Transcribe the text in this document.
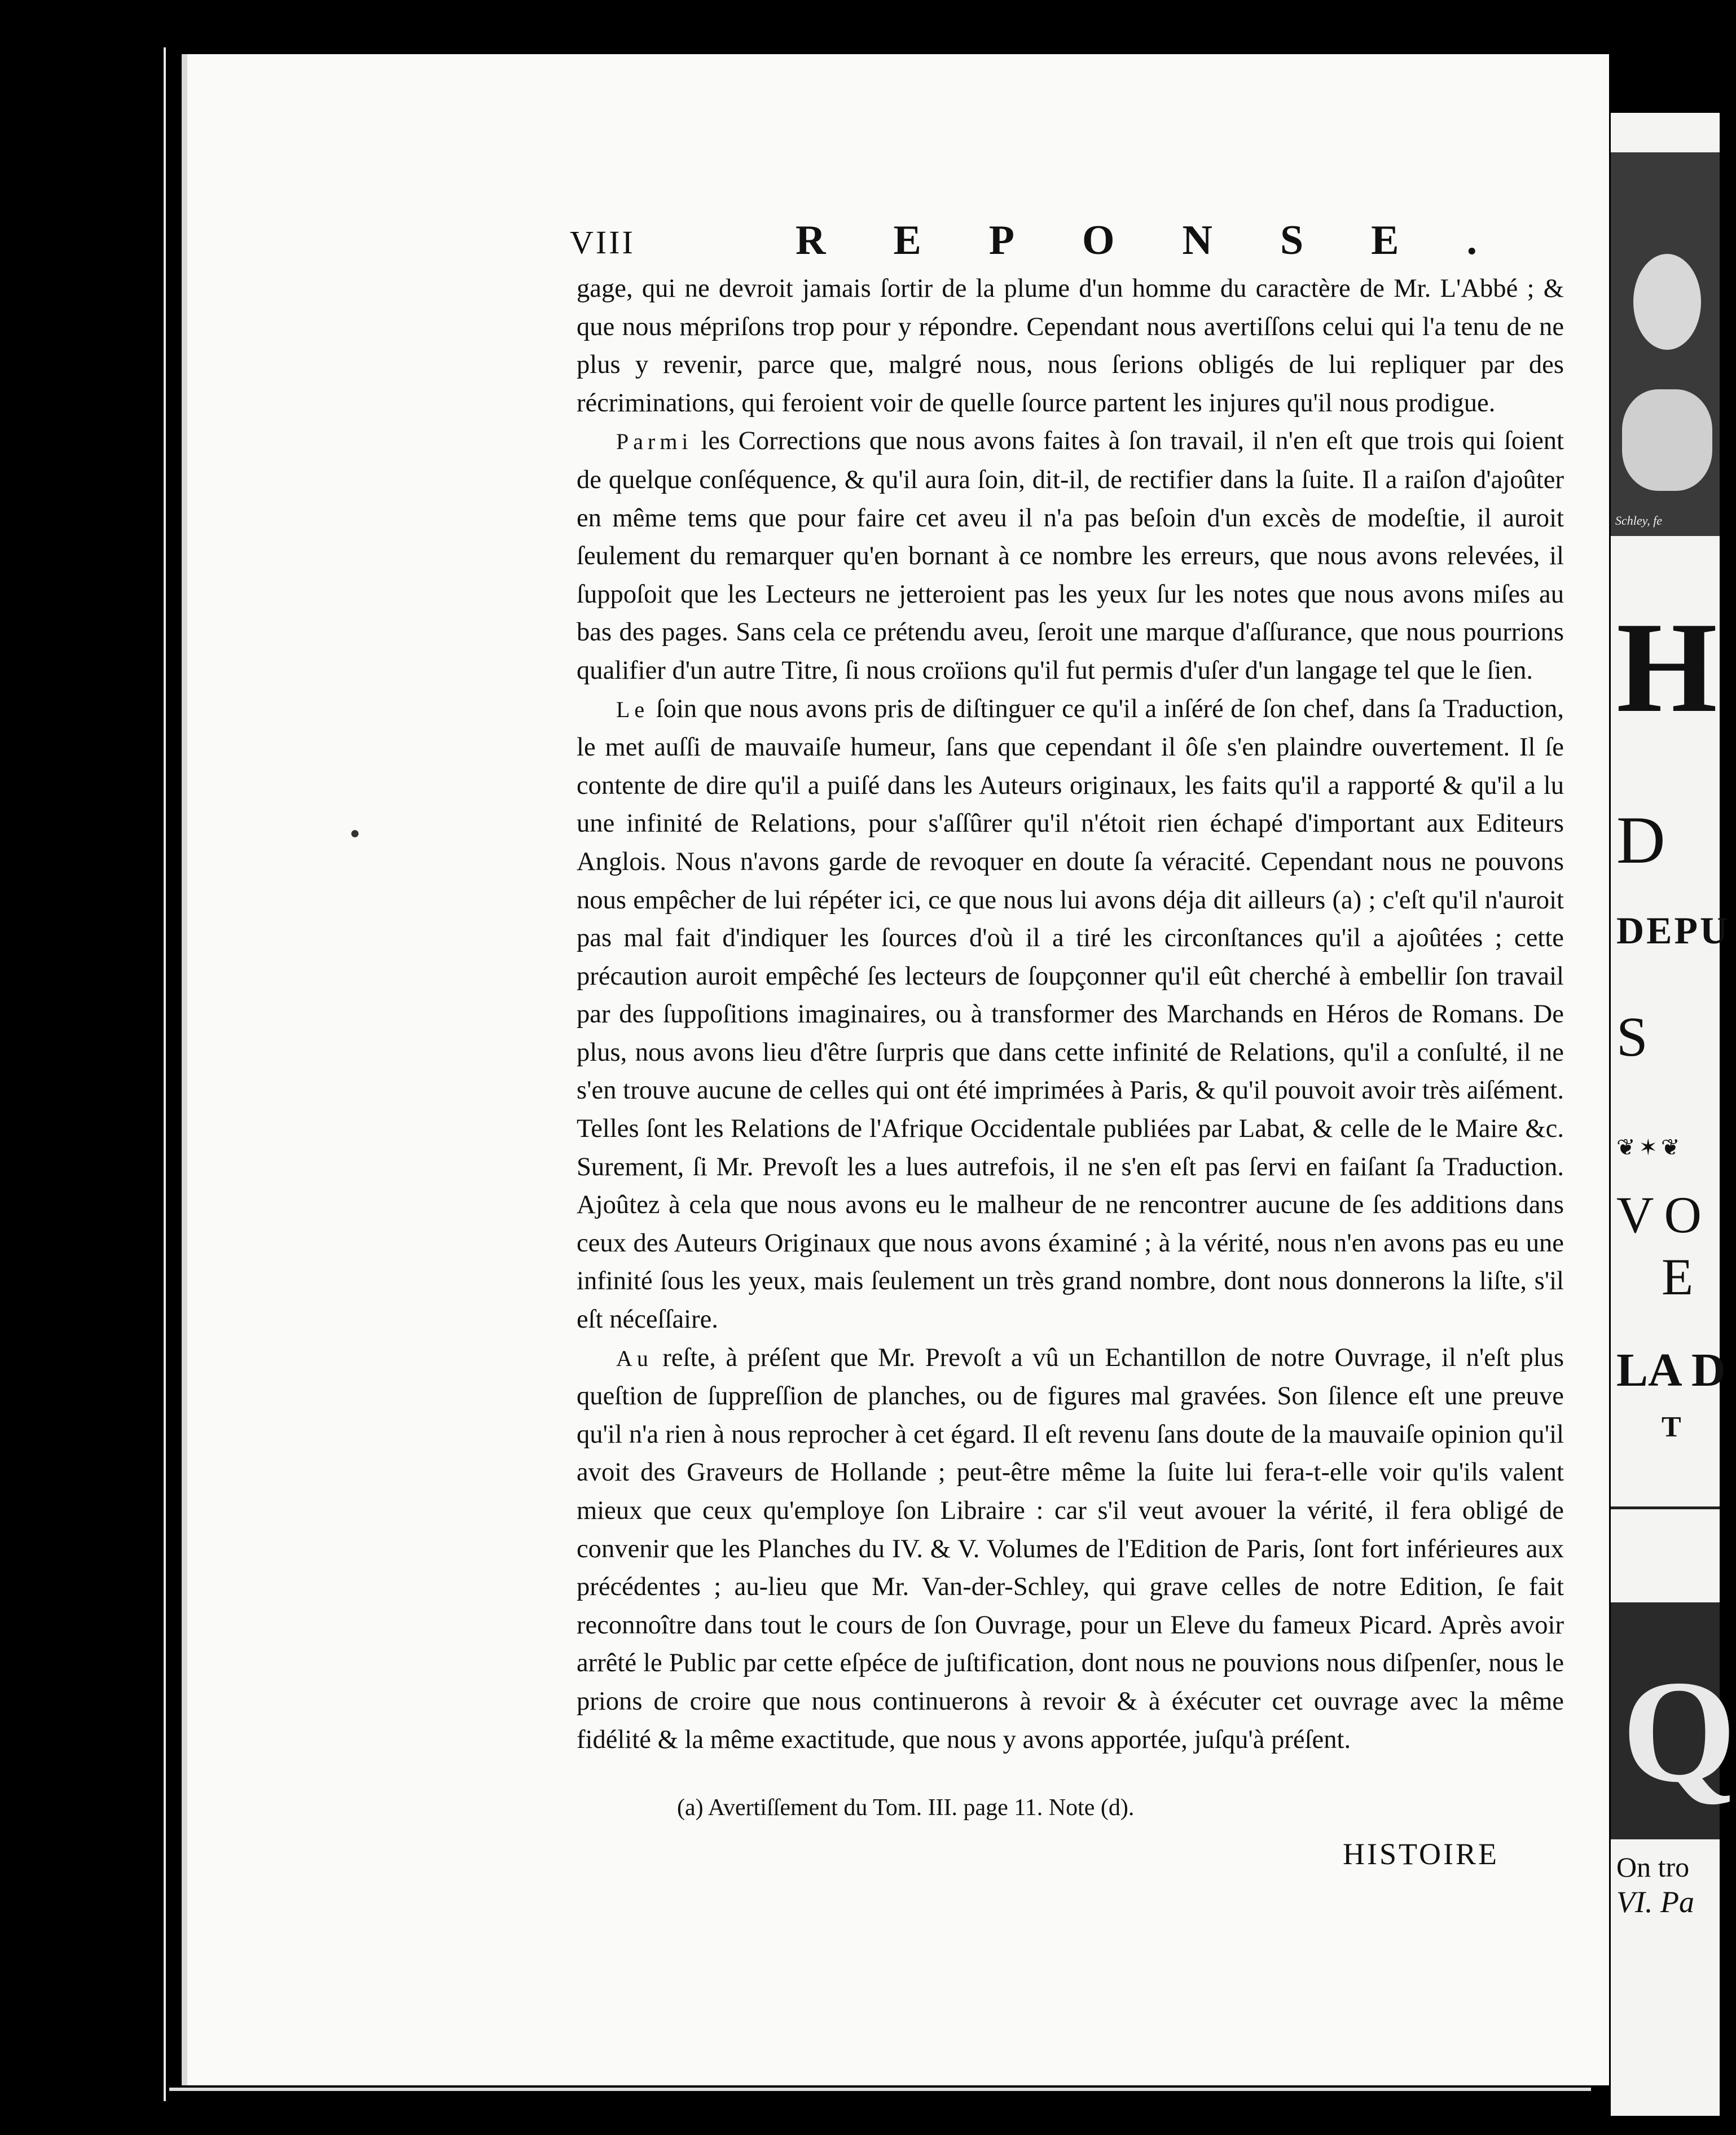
VIII	REPONSE.

gage, qui ne devroit jamais ſortir de la plume d'un homme du caractère de Mr. L'Abbé ; & que nous mépriſons trop pour y répondre. Cependant nous avertiſſons celui qui l'a tenu de ne plus y revenir, parce que, malgré nous, nous ſerions obligés de lui repliquer par des récriminations, qui feroient voir de quelle ſource partent les injures qu'il nous prodigue.

Parmi les Corrections que nous avons faites à ſon travail, il n'en eſt que trois qui ſoient de quelque conſéquence, & qu'il aura ſoin, dit-il, de rectifier dans la ſuite. Il a raiſon d'ajoûter en même tems que pour faire cet aveu il n'a pas beſoin d'un excès de modeſtie, il auroit ſeulement du remarquer qu'en bornant à ce nombre les erreurs, que nous avons relevées, il ſuppoſoit que les Lecteurs ne jetteroient pas les yeux ſur les notes que nous avons miſes au bas des pages. Sans cela ce prétendu aveu, ſeroit une marque d'aſſurance, que nous pourrions qualifier d'un autre Titre, ſi nous croïions qu'il fut permis d'uſer d'un langage tel que le ſien.

Le ſoin que nous avons pris de diſtinguer ce qu'il a inſéré de ſon chef, dans ſa Traduction, le met auſſi de mauvaiſe humeur, ſans que cependant il ôſe s'en plaindre ouvertement. Il ſe contente de dire qu'il a puiſé dans les Auteurs originaux, les faits qu'il a rapporté & qu'il a lu une infinité de Relations, pour s'aſſûrer qu'il n'étoit rien échapé d'important aux Editeurs Anglois. Nous n'avons garde de revoquer en doute ſa véracité. Cependant nous ne pouvons nous empêcher de lui répéter ici, ce que nous lui avons déja dit ailleurs (a) ; c'eſt qu'il n'auroit pas mal fait d'indiquer les ſources d'où il a tiré les circonſtances qu'il a ajoûtées ; cette précaution auroit empêché ſes lecteurs de ſoupçonner qu'il eût cherché à embellir ſon travail par des ſuppoſitions imaginaires, ou à transformer des Marchands en Héros de Romans. De plus, nous avons lieu d'être ſurpris que dans cette infinité de Relations, qu'il a conſulté, il ne s'en trouve aucune de celles qui ont été imprimées à Paris, & qu'il pouvoit avoir très aiſément. Telles ſont les Relations de l'Afrique Occidentale publiées par Labat, & celle de le Maire &c. Surement, ſi Mr. Prevoſt les a lues autrefois, il ne s'en eſt pas ſervi en faiſant ſa Traduction. Ajoûtez à cela que nous avons eu le malheur de ne rencontrer aucune de ſes additions dans ceux des Auteurs Originaux que nous avons éxaminé ; à la vérité, nous n'en avons pas eu une infinité ſous les yeux, mais ſeulement un très grand nombre, dont nous donnerons la liſte, s'il eſt néceſſaire.

Au reſte, à préſent que Mr. Prevoſt a vû un Echantillon de notre Ouvrage, il n'eſt plus queſtion de ſuppreſſion de planches, ou de figures mal gravées. Son ſilence eſt une preuve qu'il n'a rien à nous reprocher à cet égard. Il eſt revenu ſans doute de la mauvaiſe opinion qu'il avoit des Graveurs de Hollande ; peut-être même la ſuite lui fera-t-elle voir qu'ils valent mieux que ceux qu'employe ſon Libraire : car s'il veut avouer la vérité, il fera obligé de convenir que les Planches du IV. & V. Volumes de l'Edition de Paris, ſont fort inférieures aux précédentes ; au-lieu que Mr. Van-der-Schley, qui grave celles de notre Edition, ſe fait reconnoître dans tout le cours de ſon Ouvrage, pour un Eleve du fameux Picard. Après avoir arrêté le Public par cette eſpéce de juſtification, dont nous ne pouvions nous diſpenſer, nous le prions de croire que nous continuerons à revoir & à éxécuter cet ouvrage avec la même fidélité & la même exactitude, que nous y avons apportée, juſqu'à préſent.

(a) Avertiſſement du Tom. III. page 11. Note (d).
HISTOIRE
●
Schley, fe
H
D
DEPU
S
❦✶❦
VO
E
LA D
T
Q
On tro
VI. Pa
